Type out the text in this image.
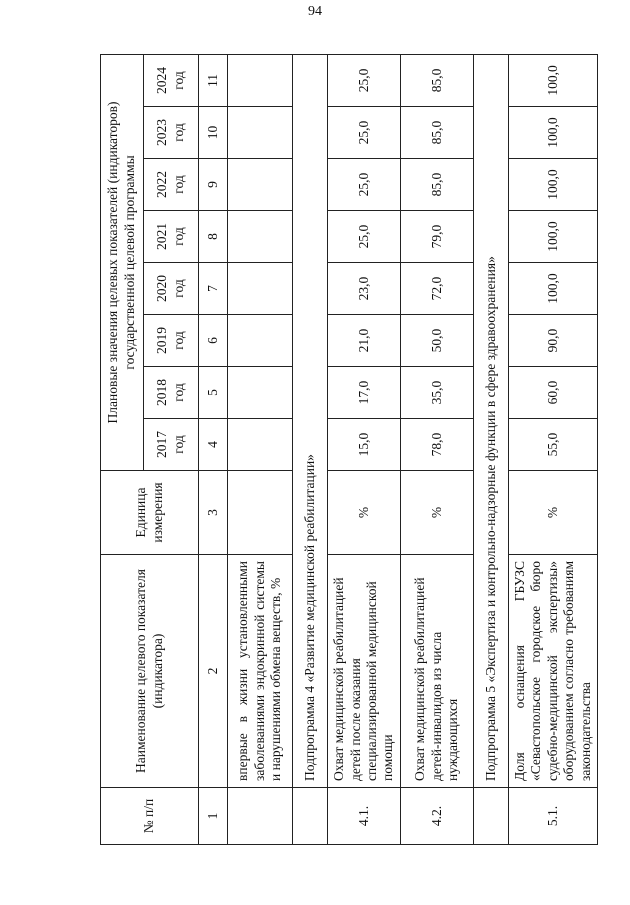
94
№ п/п	Наименование целевого показателя (индикатора)	Единица измерения	Плановые значения целевых показателей (индикаторов) государственной целевой программы							
			2017 год	2018 год	2019 год	2020 год	2021 год	2022 год	2023 год	2024 год
1	2	3	4	5	6	7	8	9	10	11
	впервые в жизни установленными заболеваниями эндокринной системы и нарушениями обмена веществ, %									
	Подпрограмма 4 «Развитие медицинской реабилитации»									
4.1.	Охват медицинской реабилитацией детей после оказания специализированной медицинской помощи	%	15,0	17,0	21,0	23,0	25,0	25,0	25,0	25,0
4.2.	Охват медицинской реабилитацией детей-инвалидов из числа нуждающихся	%	78,0	35,0	50,0	72,0	79,0	85,0	85,0	85,0
	Подпрограмма 5 «Экспертиза и контрольно-надзорные функции в сфере здравоохранения»									
5.1.	Доля оснащения ГБУЗС «Севастопольское городское бюро судебно-медицинской экспертизы» оборудованием согласно требованиям законодательства	%	55,0	60,0	90,0	100,0	100,0	100,0	100,0	100,0
